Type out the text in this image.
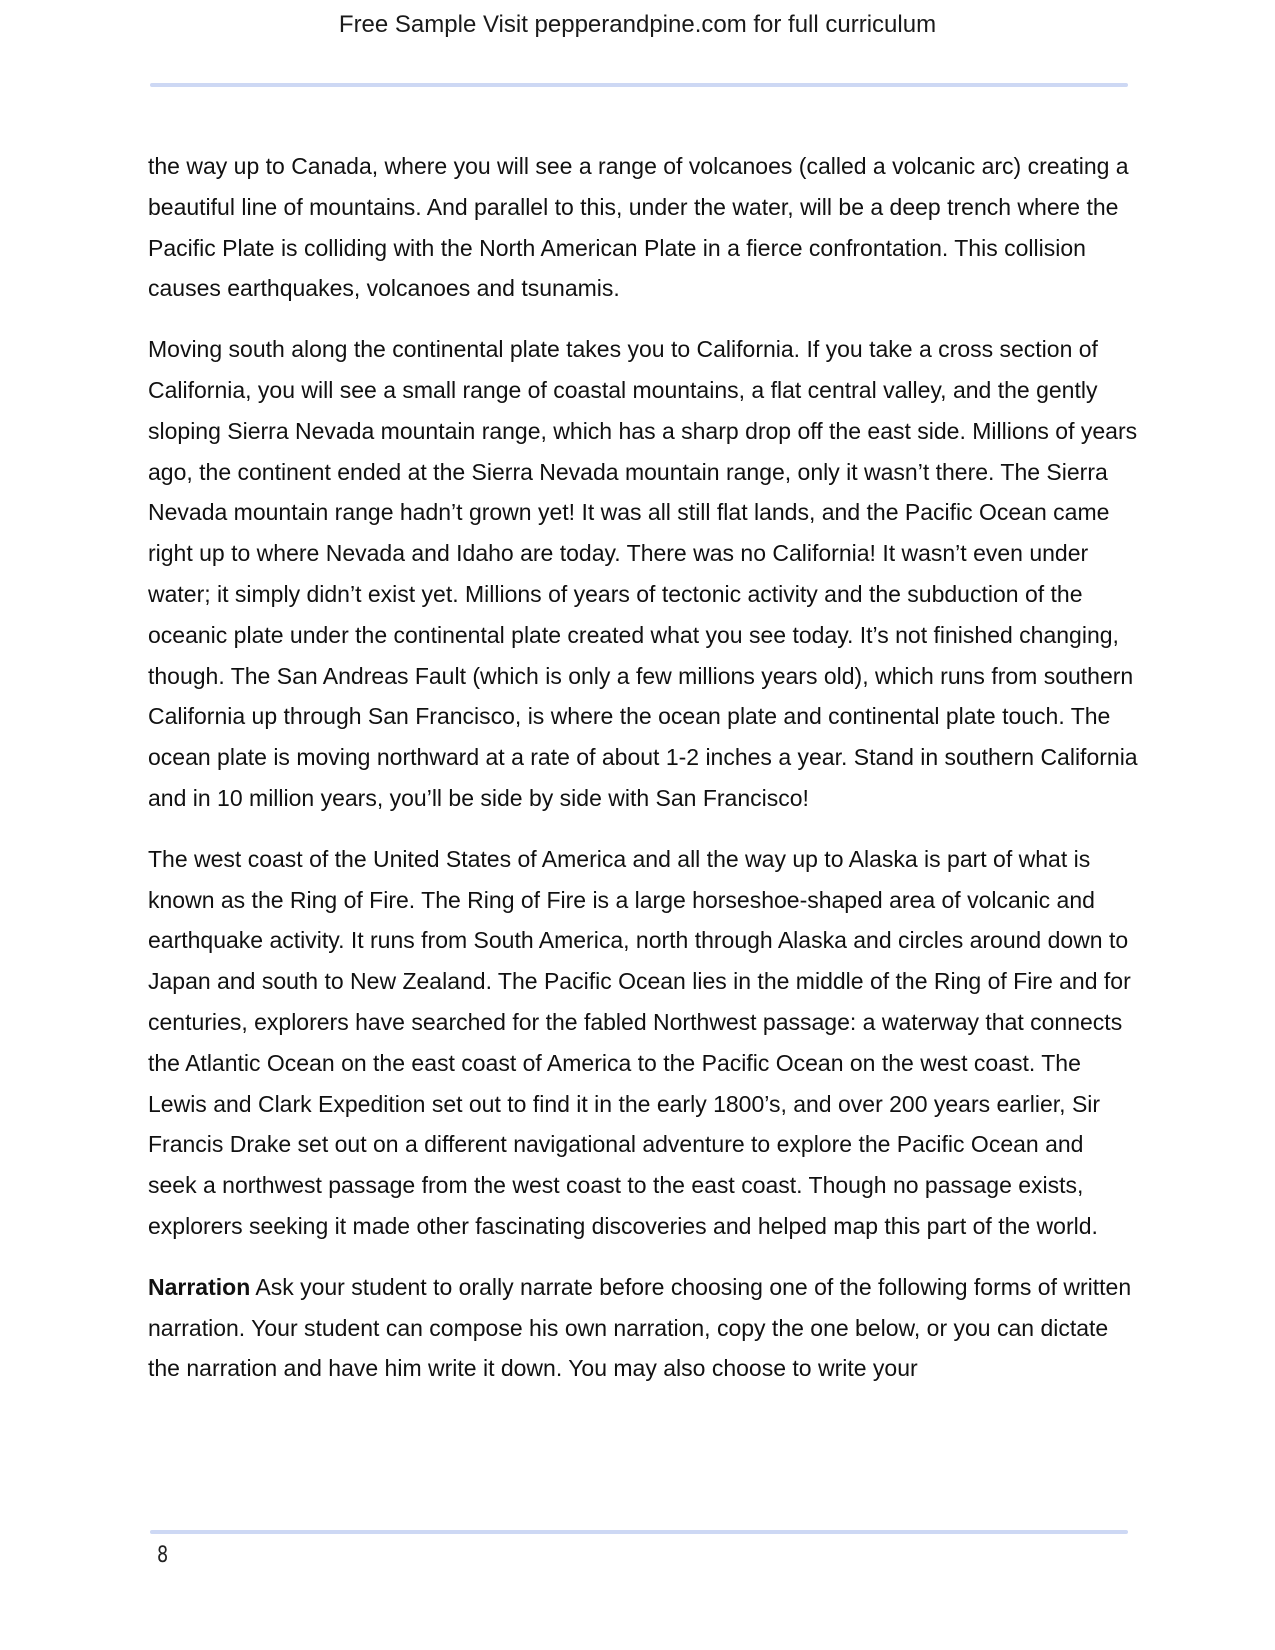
Free Sample Visit pepperandpine.com for full curriculum

the way up to Canada, where you will see a range of volcanoes (called a volcanic arc) creating a beautiful line of mountains. And parallel to this, under the water, will be a deep trench where the Pacific Plate is colliding with the North American Plate in a fierce confrontation. This collision causes earthquakes, volcanoes and tsunamis.

Moving south along the continental plate takes you to California. If you take a cross section of California, you will see a small range of coastal mountains, a flat central valley, and the gently sloping Sierra Nevada mountain range, which has a sharp drop off the east side. Millions of years ago, the continent ended at the Sierra Nevada mountain range, only it wasn’t there. The Sierra Nevada mountain range hadn’t grown yet! It was all still flat lands, and the Pacific Ocean came right up to where Nevada and Idaho are today. There was no California! It wasn’t even under water; it simply didn’t exist yet. Millions of years of tectonic activity and the subduction of the oceanic plate under the continental plate created what you see today. It’s not finished changing, though. The San Andreas Fault (which is only a few millions years old), which runs from southern California up through San Francisco, is where the ocean plate and continental plate touch. The ocean plate is moving northward at a rate of about 1-2 inches a year. Stand in southern California and in 10 million years, you’ll be side by side with San Francisco!

The west coast of the United States of America and all the way up to Alaska is part of what is known as the Ring of Fire. The Ring of Fire is a large horseshoe-shaped area of volcanic and earthquake activity. It runs from South America, north through Alaska and circles around down to Japan and south to New Zealand. The Pacific Ocean lies in the middle of the Ring of Fire and for centuries, explorers have searched for the fabled Northwest passage: a waterway that connects the Atlantic Ocean on the east coast of America to the Pacific Ocean on the west coast. The Lewis and Clark Expedition set out to find it in the early 1800’s, and over 200 years earlier, Sir Francis Drake set out on a different navigational adventure to explore the Pacific Ocean and seek a northwest passage from the west coast to the east coast. Though no passage exists, explorers seeking it made other fascinating discoveries and helped map this part of the world.

Narration Ask your student to orally narrate before choosing one of the following forms of written narration. Your student can compose his own narration, copy the one below, or you can dictate the narration and have him write it down. You may also choose to write your

8
